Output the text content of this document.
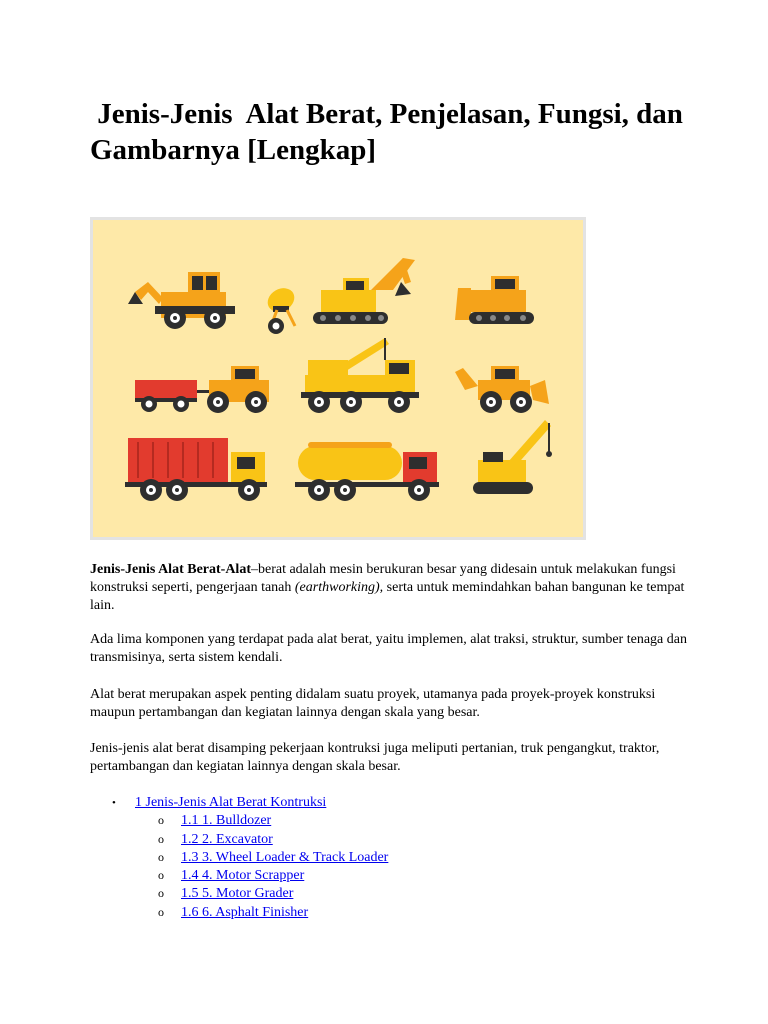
Jenis-Jenis  Alat Berat, Penjelasan, Fungsi, dan Gambarnya [Lengkap]

Jenis-Jenis Alat Berat-Alat–berat adalah mesin berukuran besar yang didesain untuk melakukan fungsi konstruksi seperti, pengerjaan tanah (earthworking), serta untuk memindahkan bahan bangunan ke tempat lain.

Ada lima komponen yang terdapat pada alat berat, yaitu implemen, alat traksi, struktur, sumber tenaga dan transmisinya, serta sistem kendali.

Alat berat merupakan aspek penting didalam suatu proyek, utamanya pada proyek-proyek konstruksi maupun pertambangan dan kegiatan lainnya dengan skala yang besar.

Jenis-jenis alat berat disamping pekerjaan kontruksi juga meliputi pertanian, truk pengangkut, traktor, pertambangan dan kegiatan lainnya dengan skala besar.

• 1 Jenis-Jenis Alat Berat Kontruksi
o 1.1 1. Bulldozer
o 1.2 2. Excavator
o 1.3 3. Wheel Loader & Track Loader
o 1.4 4. Motor Scrapper
o 1.5 5. Motor Grader
o 1.6 6. Asphalt Finisher
